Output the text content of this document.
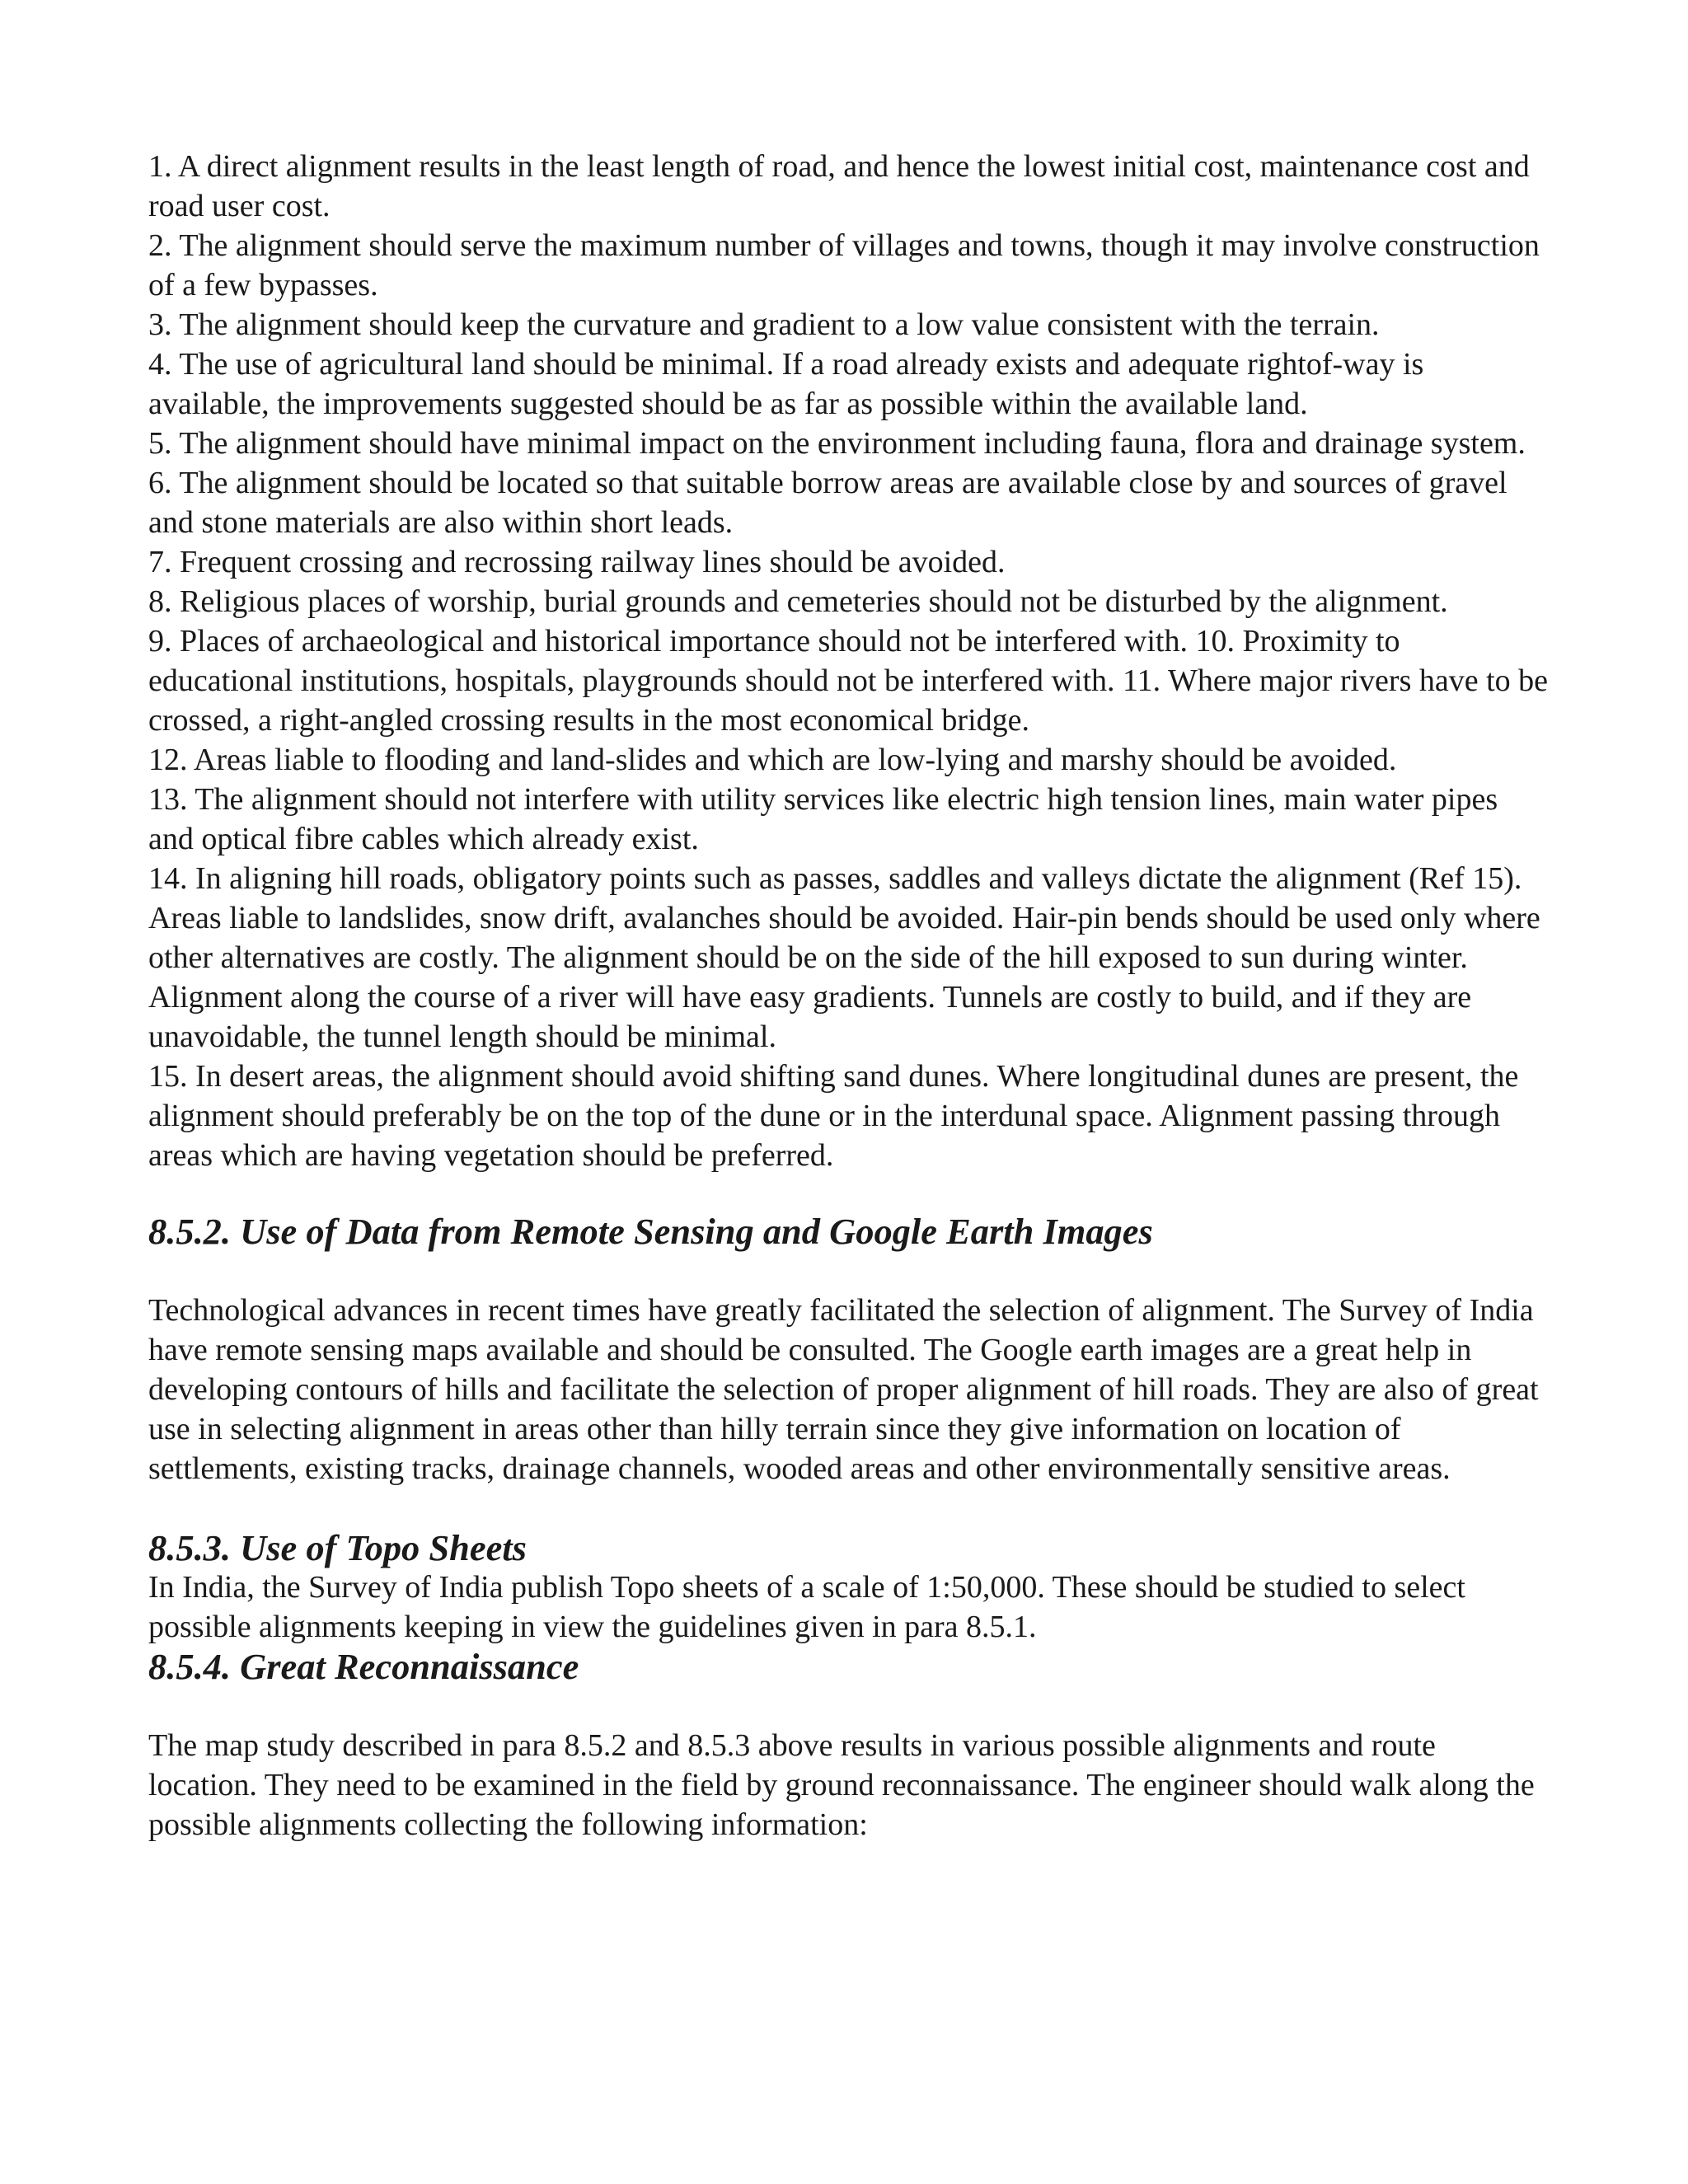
1. A direct alignment results in the least length of road, and hence the lowest initial cost, maintenance cost and road user cost.

2. The alignment should serve the maximum number of villages and towns, though it may involve construction of a few bypasses.

3. The alignment should keep the curvature and gradient to a low value consistent with the terrain.

4. The use of agricultural land should be minimal. If a road already exists and adequate rightof-way is available, the improvements suggested should be as far as possible within the available land.

5. The alignment should have minimal impact on the environment including fauna, flora and drainage system.

6. The alignment should be located so that suitable borrow areas are available close by and sources of gravel and stone materials are also within short leads.

7. Frequent crossing and recrossing railway lines should be avoided.

8. Religious places of worship, burial grounds and cemeteries should not be disturbed by the alignment.

9. Places of archaeological and historical importance should not be interfered with. 10. Proximity to educational institutions, hospitals, playgrounds should not be interfered with. 11. Where major rivers have to be crossed, a right-angled crossing results in the most economical bridge.

12. Areas liable to flooding and land-slides and which are low-lying and marshy should be avoided.

13. The alignment should not interfere with utility services like electric high tension lines, main water pipes and optical fibre cables which already exist.

14. In aligning hill roads, obligatory points such as passes, saddles and valleys dictate the alignment (Ref 15). Areas liable to landslides, snow drift, avalanches should be avoided. Hair-pin bends should be used only where other alternatives are costly. The alignment should be on the side of the hill exposed to sun during winter. Alignment along the course of a river will have easy gradients. Tunnels are costly to build, and if they are unavoidable, the tunnel length should be minimal.

15. In desert areas, the alignment should avoid shifting sand dunes. Where longitudinal dunes are present, the alignment should preferably be on the top of the dune or in the interdunal space. Alignment passing through areas which are having vegetation should be preferred.

8.5.2. Use of Data from Remote Sensing and Google Earth Images

Technological advances in recent times have greatly facilitated the selection of alignment. The Survey of India have remote sensing maps available and should be consulted. The Google earth images are a great help in developing contours of hills and facilitate the selection of proper alignment of hill roads. They are also of great use in selecting alignment in areas other than hilly terrain since they give information on location of settlements, existing tracks, drainage channels, wooded areas and other environmentally sensitive areas.

8.5.3. Use of Topo Sheets

In India, the Survey of India publish Topo sheets of a scale of 1:50,000. These should be studied to select possible alignments keeping in view the guidelines given in para 8.5.1.

8.5.4. Great Reconnaissance

The map study described in para 8.5.2 and 8.5.3 above results in various possible alignments and route location. They need to be examined in the field by ground reconnaissance. The engineer should walk along the possible alignments collecting the following information:
